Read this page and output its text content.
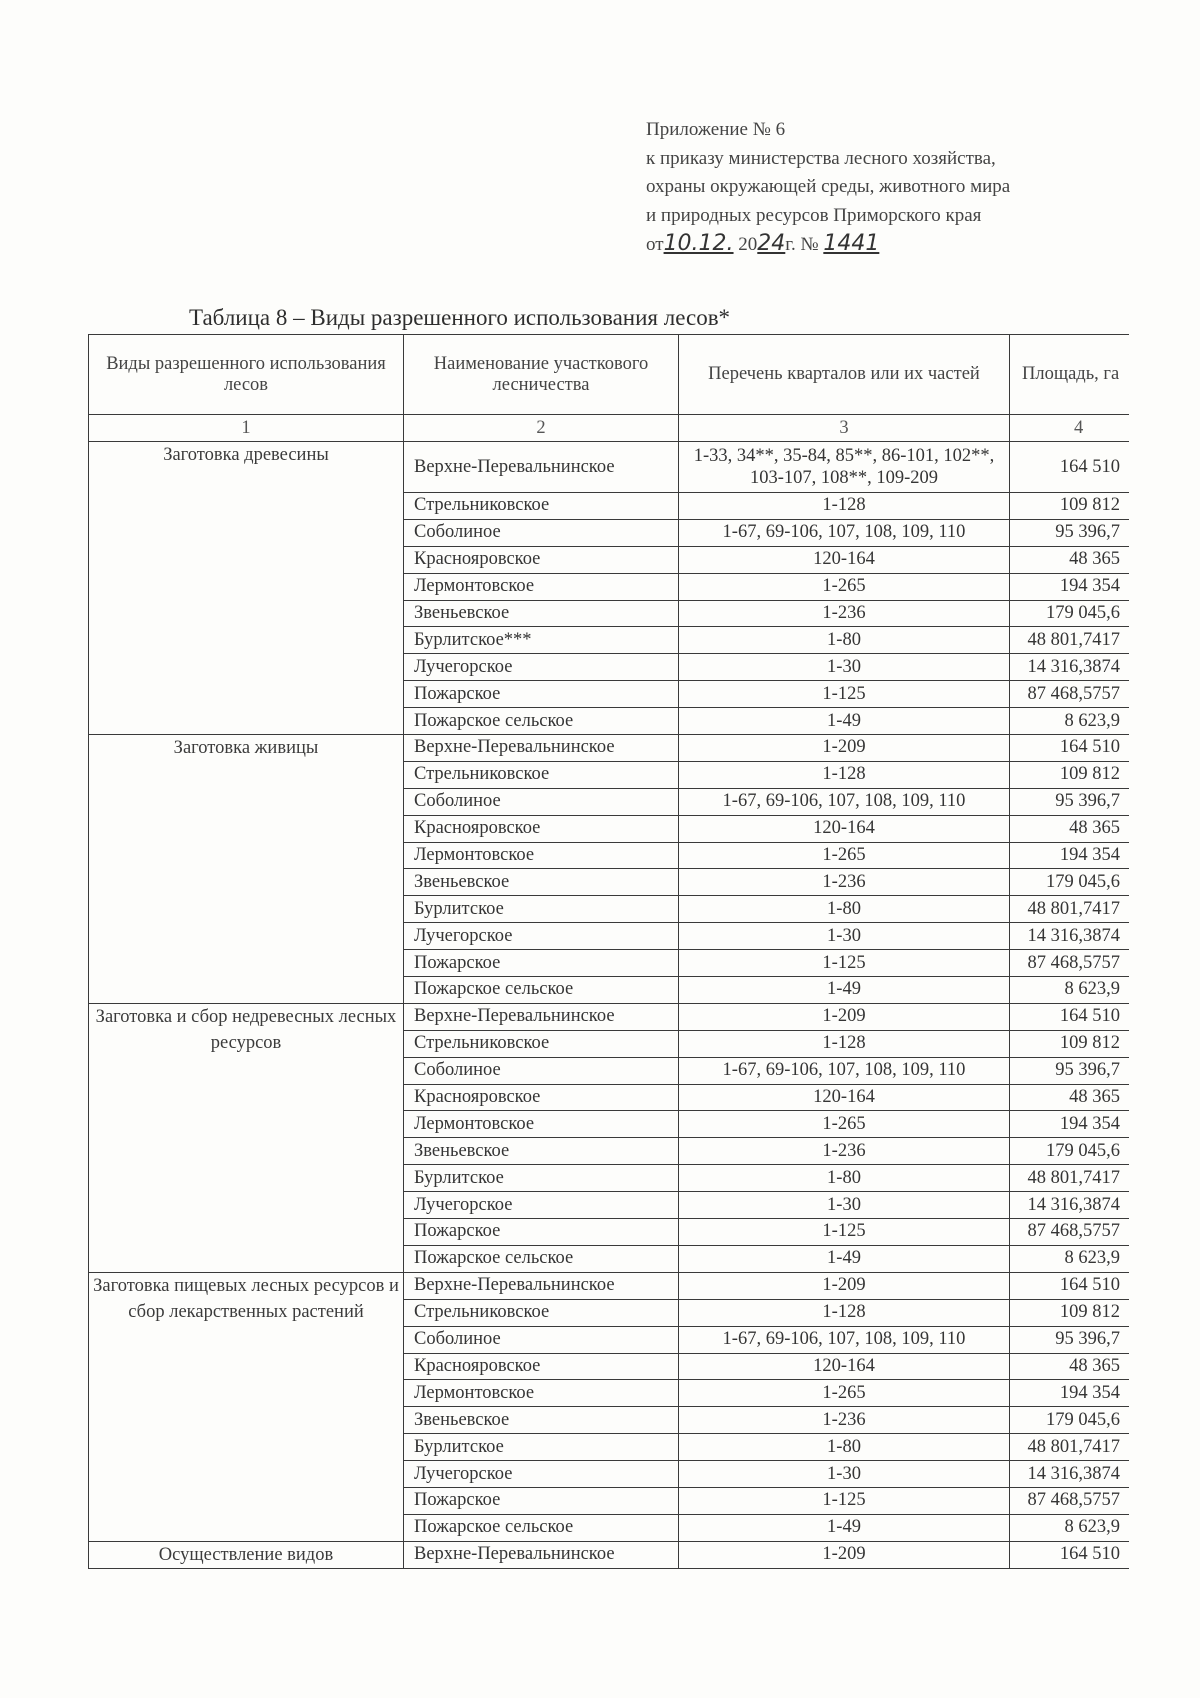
Приложение № 6
к приказу министерства лесного хозяйства,
охраны окружающей среды, животного мира
и природных ресурсов Приморского края
от10.12. 2024г. № 1441
Таблица 8 – Виды разрешенного использования лесов*
Виды разрешенного использования лесов	Наименование участкового лесничества	Перечень кварталов или их частей	Площадь, га
1	2	3	4
Заготовка древесины	Верхне-Перевальнинское	1-33, 34**, 35-84, 85**, 86-101, 102**, 103-107, 108**, 109-209	164 510
	Стрельниковское	1-128	109 812
	Соболиное	1-67, 69-106, 107, 108, 109, 110	95 396,7
	Краснояровское	120-164	48 365
	Лермонтовское	1-265	194 354
	Звеньевское	1-236	179 045,6
	Бурлитское***	1-80	48 801,7417
	Лучегорское	1-30	14 316,3874
	Пожарское	1-125	87 468,5757
	Пожарское сельское	1-49	8 623,9
Заготовка живицы	Верхне-Перевальнинское	1-209	164 510
	Стрельниковское	1-128	109 812
	Соболиное	1-67, 69-106, 107, 108, 109, 110	95 396,7
	Краснояровское	120-164	48 365
	Лермонтовское	1-265	194 354
	Звеньевское	1-236	179 045,6
	Бурлитское	1-80	48 801,7417
	Лучегорское	1-30	14 316,3874
	Пожарское	1-125	87 468,5757
	Пожарское сельское	1-49	8 623,9
Заготовка и сбор недревесных лесных ресурсов	Верхне-Перевальнинское	1-209	164 510
	Стрельниковское	1-128	109 812
	Соболиное	1-67, 69-106, 107, 108, 109, 110	95 396,7
	Краснояровское	120-164	48 365
	Лермонтовское	1-265	194 354
	Звеньевское	1-236	179 045,6
	Бурлитское	1-80	48 801,7417
	Лучегорское	1-30	14 316,3874
	Пожарское	1-125	87 468,5757
	Пожарское сельское	1-49	8 623,9
Заготовка пищевых лесных ресурсов и сбор лекарственных растений	Верхне-Перевальнинское	1-209	164 510
	Стрельниковское	1-128	109 812
	Соболиное	1-67, 69-106, 107, 108, 109, 110	95 396,7
	Краснояровское	120-164	48 365
	Лермонтовское	1-265	194 354
	Звеньевское	1-236	179 045,6
	Бурлитское	1-80	48 801,7417
	Лучегорское	1-30	14 316,3874
	Пожарское	1-125	87 468,5757
	Пожарское сельское	1-49	8 623,9
Осуществление видов	Верхне-Перевальнинское	1-209	164 510
